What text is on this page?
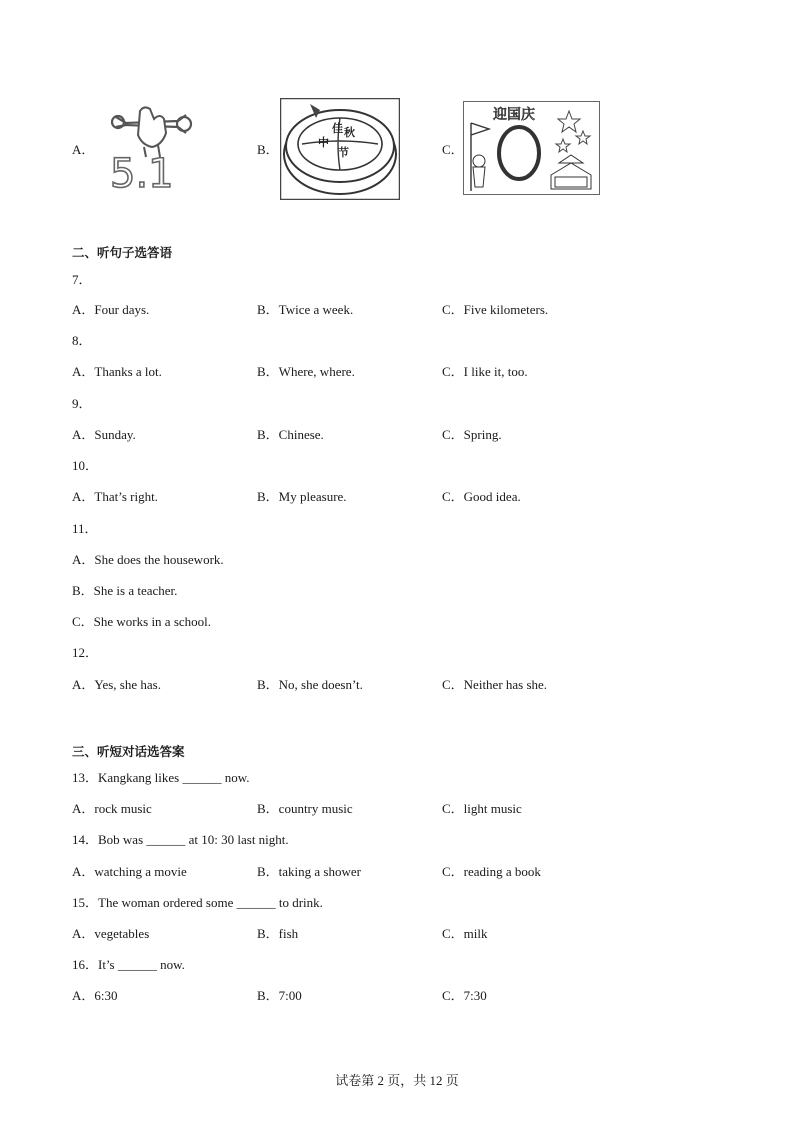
A．
5.1
B．	中
秋
佳
节	C．
迎国庆
二、听句子选答语
7．
A．Four days.	B．Twice a week.	C．Five kilometers.
8．
A．Thanks a lot.	B．Where, where.	C．I like it, too.
9．
A．Sunday.	B．Chinese.	C．Spring.
10．
A．That’s right.	B．My pleasure.	C．Good idea.
11．
A．She does the housework.
B．She is a teacher.
C．She works in a school.
12．
A．Yes, she has.	B．No, she doesn’t.	C．Neither has she.
三、听短对话选答案
13．Kangkang likes ______ now.
A．rock music	B．country music	C．light music
14．Bob was ______ at 10: 30 last night.
A．watching a movie	B．taking a shower	C．reading a book
15．The woman ordered some ______ to drink.
A．vegetables	B．fish	C．milk
16．It’s ______ now.
A．6:30	B．7:00	C．7:30
试卷第 2 页，共 12 页
